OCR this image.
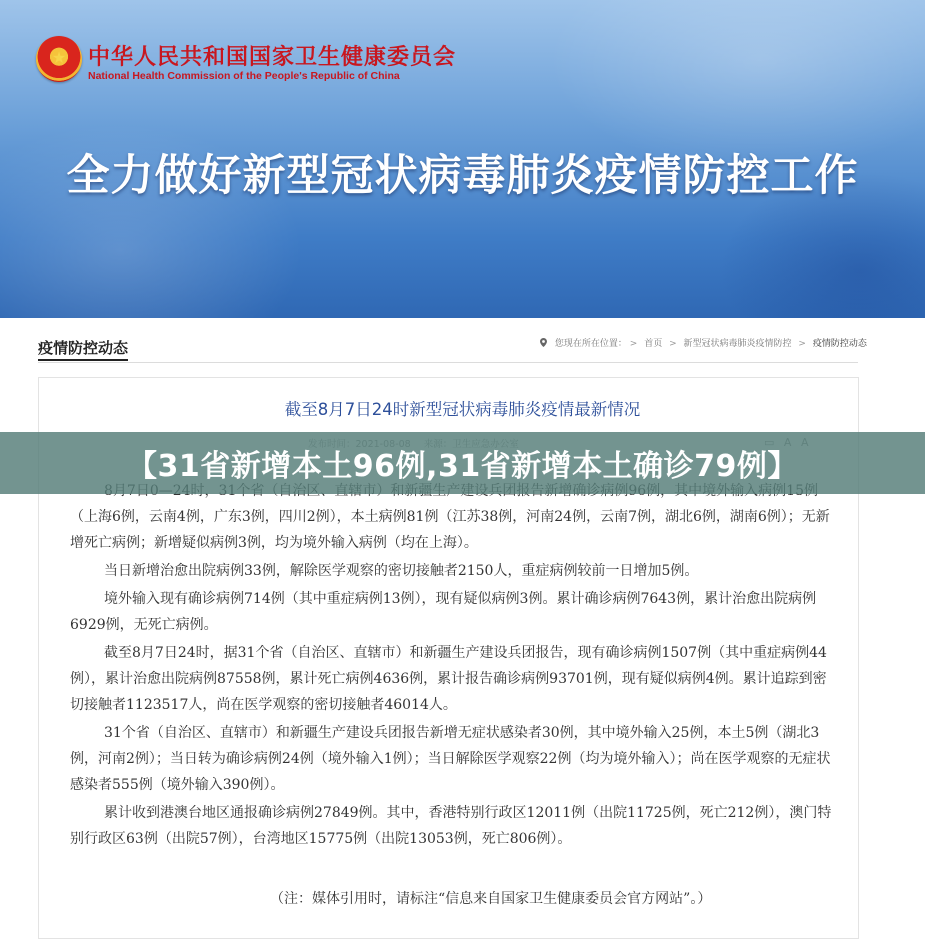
★ 中华人民共和国国家卫生健康委员会
National Health Commission of the People's Republic of China
全力做好新型冠状病毒肺炎疫情防控工作
疫情防控动态	您现在所在位置： > 首页 > 新型冠状病毒肺炎疫情防控 > 疫情防控动态
截至8月7日24时新型冠状病毒肺炎疫情最新情况

（上海6例，云南4例，广东3例，四川2例），本土病例81例（江苏38例，河南24例，云南7例，湖北6例，湖南6例）；无新增死亡病例；新增疑似病例3例，均为境外输入病例（均在上海）。

当日新增治愈出院病例33例，解除医学观察的密切接触者2150人，重症病例较前一日增加5例。

境外输入现有确诊病例714例（其中重症病例13例），现有疑似病例3例。累计确诊病例7643例，累计治愈出院病例6929例，无死亡病例。

截至8月7日24时，据31个省（自治区、直辖市）和新疆生产建设兵团报告，现有确诊病例1507例（其中重症病例44例），累计治愈出院病例87558例，累计死亡病例4636例，累计报告确诊病例93701例，现有疑似病例4例。累计追踪到密切接触者1123517人，尚在医学观察的密切接触者46014人。

31个省（自治区、直辖市）和新疆生产建设兵团报告新增无症状感染者30例，其中境外输入25例，本土5例（湖北3例，河南2例）；当日转为确诊病例24例（境外输入1例）；当日解除医学观察22例（均为境外输入）；尚在医学观察的无症状感染者555例（境外输入390例）。

累计收到港澳台地区通报确诊病例27849例。其中，香港特别行政区12011例（出院11725例，死亡212例），澳门特别行政区63例（出院57例），台湾地区15775例（出院13053例，死亡806例）。

（注：媒体引用时，请标注“信息来自国家卫生健康委员会官方网站”。）
【31省新增本土96例,31省新增本土确诊79例】
